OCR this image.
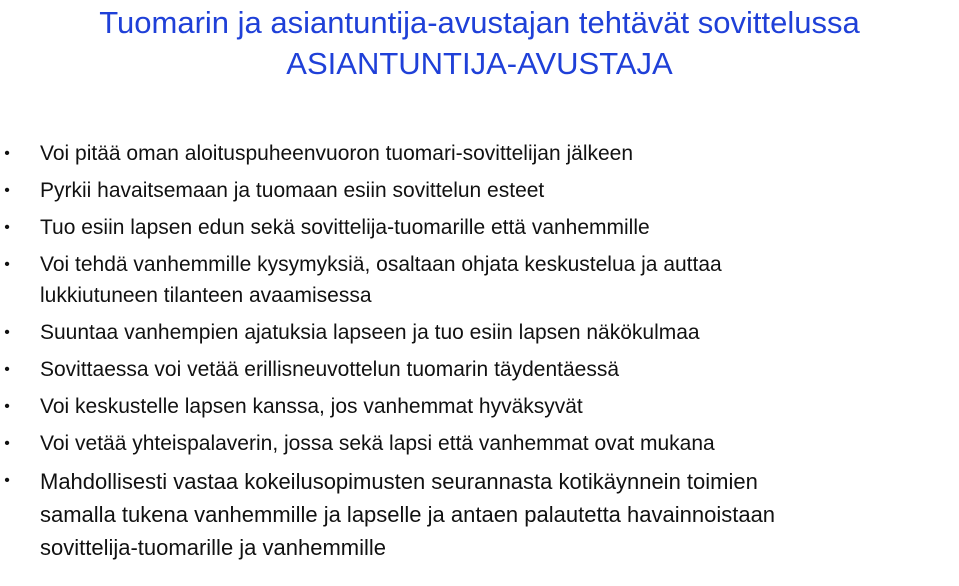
Tuomarin ja asiantuntija-avustajan tehtävät sovittelussa
ASIANTUNTIJA-AVUSTAJA
• Voi pitää oman aloituspuheenvuoron tuomari-sovittelijan jälkeen
• Pyrkii havaitsemaan ja tuomaan esiin sovittelun esteet
• Tuo esiin lapsen edun sekä sovittelija-tuomarille että vanhemmille
• Voi tehdä vanhemmille kysymyksiä, osaltaan ohjata keskustelua ja auttaa
lukkiutuneen tilanteen avaamisessa
• Suuntaa vanhempien ajatuksia lapseen ja tuo esiin lapsen näkökulmaa
• Sovittaessa voi vetää erillisneuvottelun tuomarin täydentäessä
• Voi keskustelle lapsen kanssa, jos vanhemmat hyväksyvät
• Voi vetää yhteispalaverin, jossa sekä lapsi että vanhemmat ovat mukana
• Mahdollisesti vastaa kokeilusopimusten seurannasta kotikäynnein toimien
samalla tukena vanhemmille ja lapselle ja antaen palautetta havainnoistaan
sovittelija-tuomarille ja vanhemmille
